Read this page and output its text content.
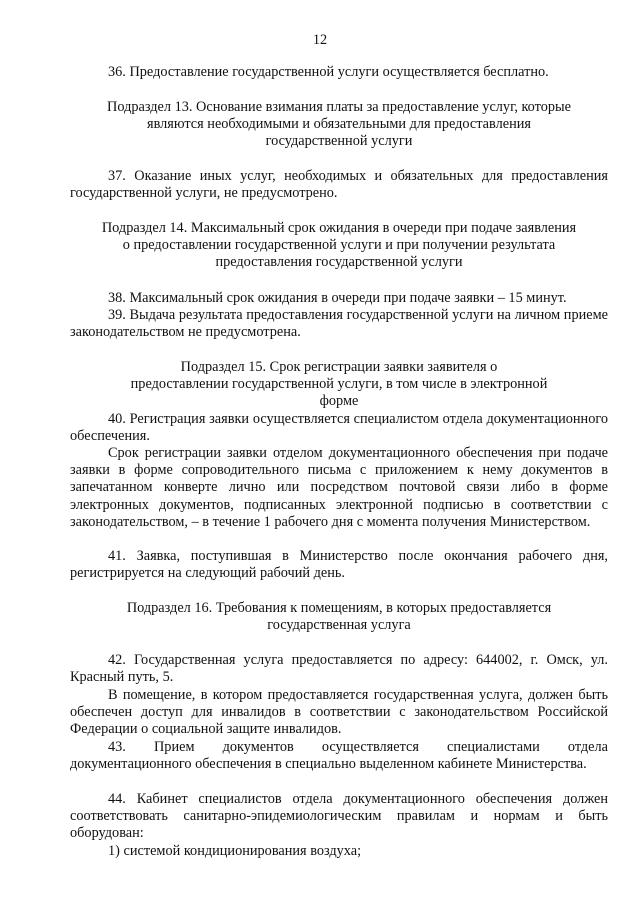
12

36. Предоставление государственной услуги осуществляется бесплатно.

Подраздел 13. Основание взимания платы за предоставление услуг, которые являются необходимыми и обязательными для предоставления государственной услуги

37. Оказание иных услуг, необходимых и обязательных для предоставления государственной услуги, не предусмотрено.

Подраздел 14. Максимальный срок ожидания в очереди при подаче заявления о предоставлении государственной услуги и при получении результата предоставления государственной услуги

38. Максимальный срок ожидания в очереди при подаче заявки – 15 минут.

39. Выдача результата предоставления государственной услуги на личном приеме законодательством не предусмотрена.

Подраздел 15. Срок регистрации заявки заявителя о предоставлении государственной услуги, в том числе в электронной форме

40. Регистрация заявки осуществляется специалистом отдела документационного обеспечения.

Срок регистрации заявки отделом документационного обеспечения при подаче заявки в форме сопроводительного письма с приложением к нему документов в запечатанном конверте лично или посредством почтовой связи либо в форме электронных документов, подписанных электронной подписью в соответствии с законодательством, – в течение 1 рабочего дня с момента получения Министерством.

41. Заявка, поступившая в Министерство после окончания рабочего дня, регистрируется на следующий рабочий день.

Подраздел 16. Требования к помещениям, в которых предоставляется государственная услуга

42. Государственная услуга предоставляется по адресу: 644002, г. Омск, ул. Красный путь, 5.

В помещение, в котором предоставляется государственная услуга, должен быть обеспечен доступ для инвалидов в соответствии с законодательством Российской Федерации о социальной защите инвалидов.

43. Прием документов осуществляется специалистами отдела документационного обеспечения в специально выделенном кабинете Министерства.

44. Кабинет специалистов отдела документационного обеспечения должен соответствовать санитарно-эпидемиологическим правилам и нормам и быть оборудован:

1) системой кондиционирования воздуха;
